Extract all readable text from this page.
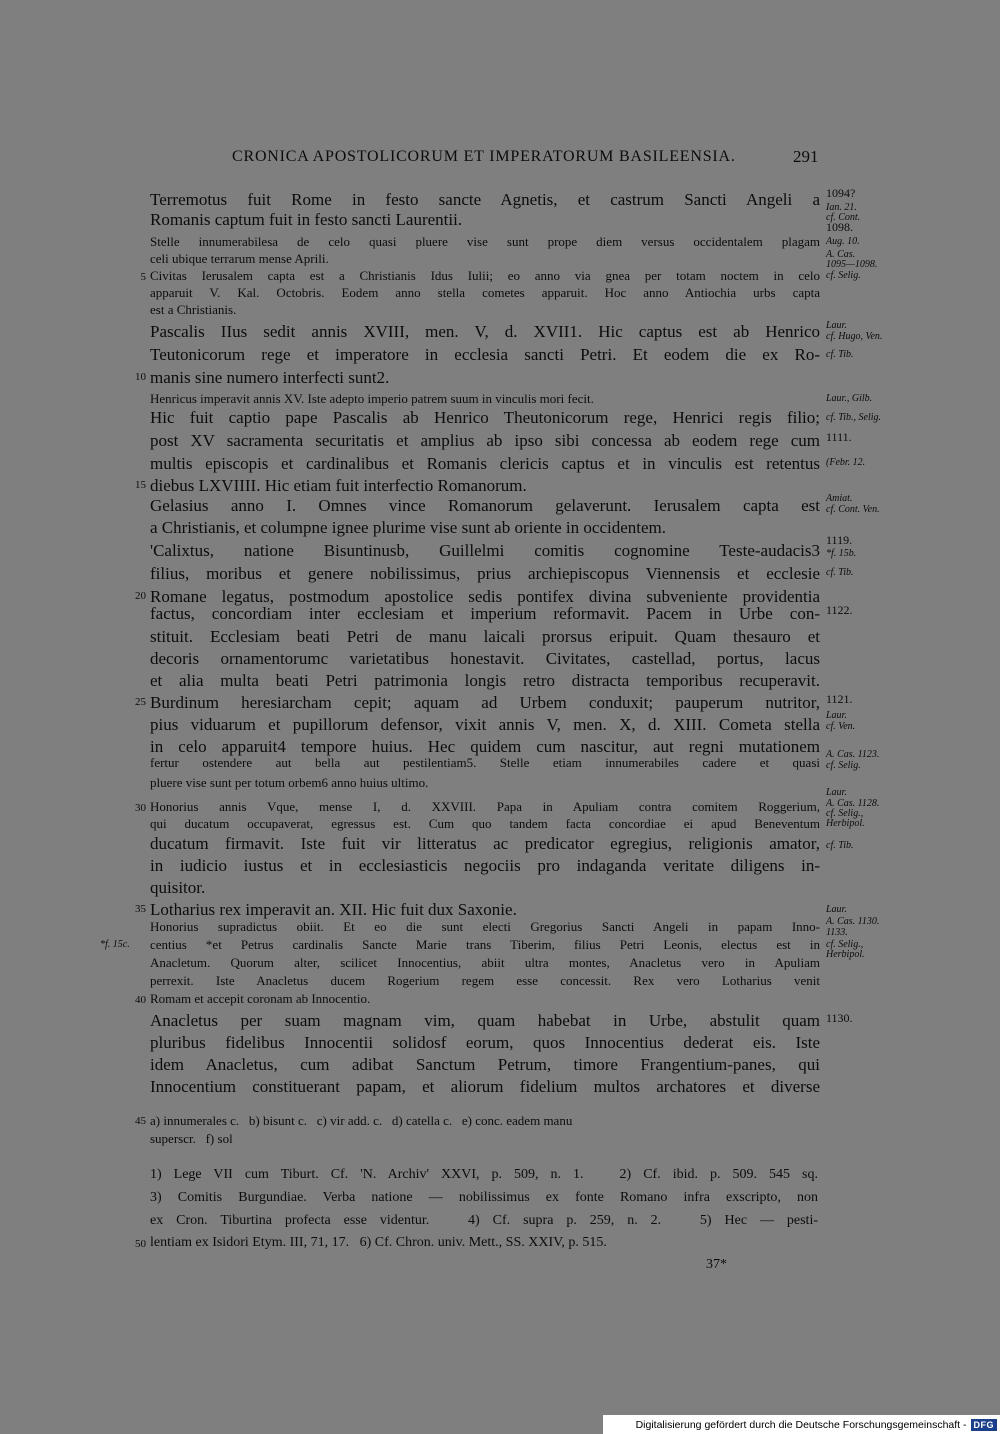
CRONICA APOSTOLICORUM ET IMPERATORUM BASILEENSIA.	291

Terremotus fuit Rome in festo sancte Agnetis, et castrum Sancti Angeli a

Romanis captum fuit in festo sancti Laurentii.

Stelle innumerabilesa de celo quasi pluere vise sunt prope diem versus occidentalem plagam

celi ubique terrarum mense Aprili.

Civitas Ierusalem capta est a Christianis Idus Iulii; eo anno via gnea per totam noctem in celo

5

apparuit V. Kal. Octobris. Eodem anno stella cometes apparuit. Hoc anno Antiochia urbs capta

est a Christianis.

Pascalis IIus sedit annis XVIII, men. V, d. XVII1. Hic captus est ab Henrico

Teutonicorum rege et imperatore in ecclesia sancti Petri. Et eodem die ex Ro-

manis sine numero interfecti sunt2.

10

Henricus imperavit annis XV. Iste adepto imperio patrem suum in vinculis mori fecit.

Hic fuit captio pape Pascalis ab Henrico Theutonicorum rege, Henrici regis filio;

post XV sacramenta securitatis et amplius ab ipso sibi concessa ab eodem rege cum

multis episcopis et cardinalibus et Romanis clericis captus et in vinculis est retentus

diebus LXVIIII. Hic etiam fuit interfectio Romanorum.

15

Gelasius anno I. Omnes vince Romanorum gelaverunt. Ierusalem capta est

a Christianis, et columpne ignee plurime vise sunt ab oriente in occidentem.

'Calixtus, natione Bisuntinusb, Guillelmi comitis cognomine Teste-audacis3

filius, moribus et genere nobilissimus, prius archiepiscopus Viennensis et ecclesie

Romane legatus, postmodum apostolice sedis pontifex divina subveniente providentia

20

factus, concordiam inter ecclesiam et imperium reformavit. Pacem in Urbe con-

stituit. Ecclesiam beati Petri de manu laicali prorsus eripuit. Quam thesauro et

decoris ornamentorumc varietatibus honestavit. Civitates, castellad, portus, lacus

et alia multa beati Petri patrimonia longis retro distracta temporibus recuperavit.

Burdinum heresiarcham cepit; aquam ad Urbem conduxit; pauperum nutritor,

25

pius viduarum et pupillorum defensor, vixit annis V, men. X, d. XIII. Cometa stella

in celo apparuit4 tempore huius. Hec quidem cum nascitur, aut regni mutationem

fertur ostendere aut bella aut pestilentiam5. Stelle etiam innumerabiles cadere et quasi

pluere vise sunt per totum orbem6 anno huius ultimo.

Honorius annis Vque, mense I, d. XXVIII. Papa in Apuliam contra comitem Roggerium,

30

qui ducatum occupaverat, egressus est. Cum quo tandem facta concordiae ei apud Beneventum

ducatum firmavit. Iste fuit vir litteratus ac predicator egregius, religionis amator,

in iudicio iustus et in ecclesiasticis negociis pro indaganda veritate diligens in-

quisitor.

Lotharius rex imperavit an. XII. Hic fuit dux Saxonie.

35

Honorius supradictus obiit. Et eo die sunt electi Gregorius Sancti Angeli in papam Inno-

centius *et Petrus cardinalis Sancte Marie trans Tiberim, filius Petri Leonis, electus est in

Anacletum. Quorum alter, scilicet Innocentius, abiit ultra montes, Anacletus vero in Apuliam

perrexit. Iste Anacletus ducem Rogerium regem esse concessit. Rex vero Lotharius venit

Romam et accepit coronam ab Innocentio.

40

Anacletus per suam magnam vim, quam habebat in Urbe, abstulit quam

pluribus fidelibus Innocentii solidosf eorum, quos Innocentius dederat eis. Iste

idem Anacletus, cum adibat Sanctum Petrum, timore Frangentium-panes, qui

Innocentium constituerant papam, et aliorum fidelium multos archatores et diverse

1094?
Ian. 21.
cf. Cont.
1098.
Aug. 10.
A. Cas.
1095—1098.
cf. Selig.
Laur.
cf. Hugo, Ven.
cf. Tib.
Laur., Gilb.
cf. Tib., Selig.
1111.
(Febr. 12.
Amiat.
cf. Cont. Ven.
1119.
*f. 15b.
cf. Tib.
1122.
1121.
Laur.
cf. Ven.
A. Cas. 1123.
cf. Selig.
Laur.
A. Cas. 1128.
cf. Selig.,
Herbipol.
cf. Tib.
Laur.
A. Cas. 1130.
1133.
cf. Selig.,
Herbipol.
1130.
*f. 15c.

a) innumerales c.   b) bisunt c.   c) vir add. c.   d) catella c.   e) conc. eadem manu

45

superscr.   f) sol

1) Lege VII cum Tiburt. Cf. 'N. Archiv' XXVI, p. 509, n. 1.   2) Cf. ibid. p. 509. 545 sq.

3) Comitis Burgundiae. Verba natione — nobilissimus ex fonte Romano infra exscripto, non

ex Cron. Tiburtina profecta esse videntur.   4) Cf. supra p. 259, n. 2.   5) Hec — pesti-

lentiam ex Isidori Etym. III, 71, 17.   6) Cf. Chron. univ. Mett., SS. XXIV, p. 515.

50

37*

Digitalisierung gefördert durch die Deutsche Forschungsgemeinschaft - DFG
